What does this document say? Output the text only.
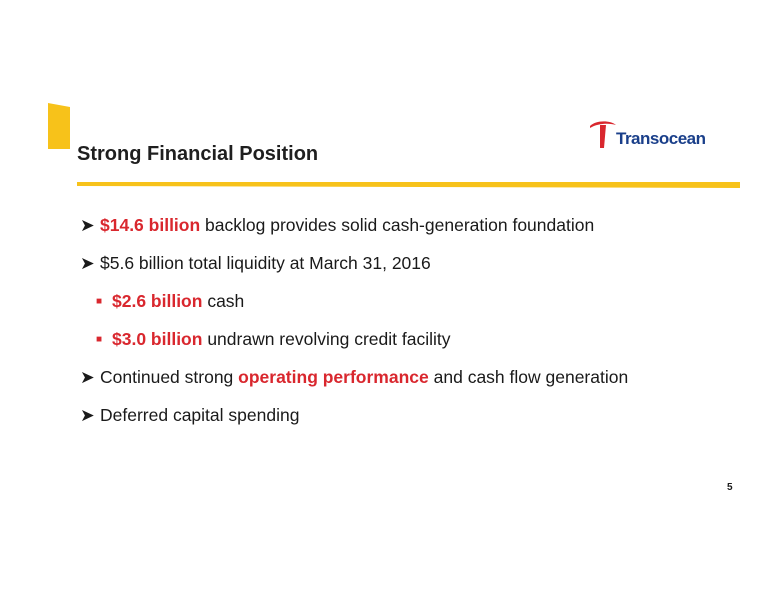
Strong Financial Position
Transocean
➤ $14.6 billion backlog provides solid cash-generation foundation
➤ $5.6 billion total liquidity at March 31, 2016
■ $2.6 billion cash
■ $3.0 billion undrawn revolving credit facility
➤ Continued strong operating performance and cash flow generation
➤ Deferred capital spending
5
